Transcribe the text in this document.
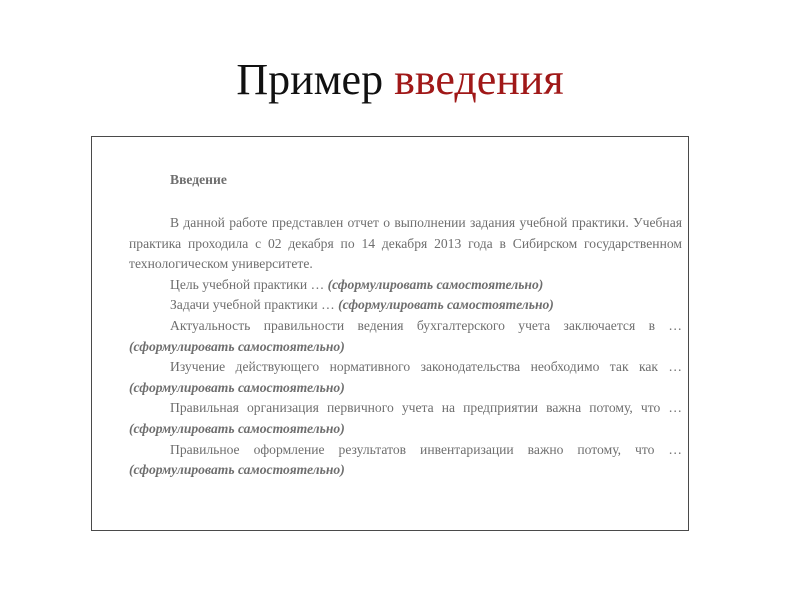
Пример введения

Введение

В данной работе представлен отчет о выполнении задания учебной практики. Учебная практика проходила с 02 декабря по 14 декабря 2013 года в Сибирском государственном технологическом университете.

Цель учебной практики … (сформулировать самостоятельно)

Задачи учебной практики … (сформулировать самостоятельно)

Актуальность правильности ведения бухгалтерского учета заключается в … (сформулировать самостоятельно)

Изучение действующего нормативного законодательства необходимо так как … (сформулировать самостоятельно)

Правильная организация первичного учета на предприятии важна потому, что … (сформулировать самостоятельно)

Правильное оформление результатов инвентаризации важно потому, что … (сформулировать самостоятельно)
